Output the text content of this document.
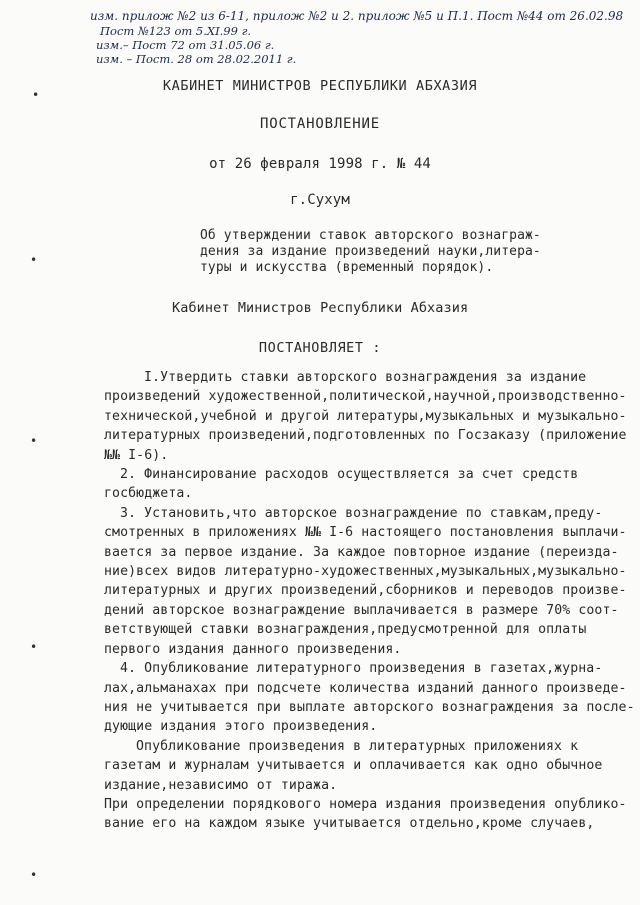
изм. прилож №2 из 6-11, прилож №2 и 2. прилож №5 и П.1. Пост №44 от 26.02.98
Пост №123 от 5.ХI.99 г.
изм.– Пост 72 от 31.05.06 г.
изм. – Пост. 28 от 28.02.2011 г.
•
•
•
•
•
КАБИНЕТ МИНИСТРОВ РЕСПУБЛИКИ АБХАЗИЯ
ПОСТАНОВЛЕНИЕ
от 26 февраля 1998 г. № 44
г.Сухум
Об утверждении ставок авторского вознаграж-
дения за издание произведений науки,литера-
туры и искусства (временный порядок).
Кабинет Министров Республики Абхазия
ПОСТАНОВЛЯЕТ :
I.Утвердить ставки авторского вознаграждения за издание
произведений художественной,политической,научной,производственно-
технической,учебной и другой литературы,музыкальных и музыкально-
литературных произведений,подготовленных по Госзаказу (приложение
№№ I-6).
2. Финансирование расходов осуществляется за счет средств
госбюджета.
3. Установить,что авторское вознаграждение по ставкам,преду-
смотренных в приложениях №№ I-6 настоящего постановления выплачи-
вается за первое издание. За каждое повторное издание (переизда-
ние)всех видов литературно-художественных,музыкальных,музыкально-
литературных и других произведений,сборников и переводов произве-
дений авторское вознаграждение выплачивается в размере 70% соот-
ветствующей ставки вознаграждения,предусмотренной для оплаты
первого издания данного произведения.
4. Опубликование литературного произведения в газетах,журна-
лах,альманахах при подсчете количества изданий данного произведе-
ния не учитывается при выплате авторского вознаграждения за после-
дующие издания этого произведения.
Опубликование произведения в литературных приложениях к
газетам и журналам учитывается и оплачивается как одно обычное
издание,независимо от тиража.
При определении порядкового номера издания произведения опублико-
вание его на каждом языке учитывается отдельно,кроме случаев,
